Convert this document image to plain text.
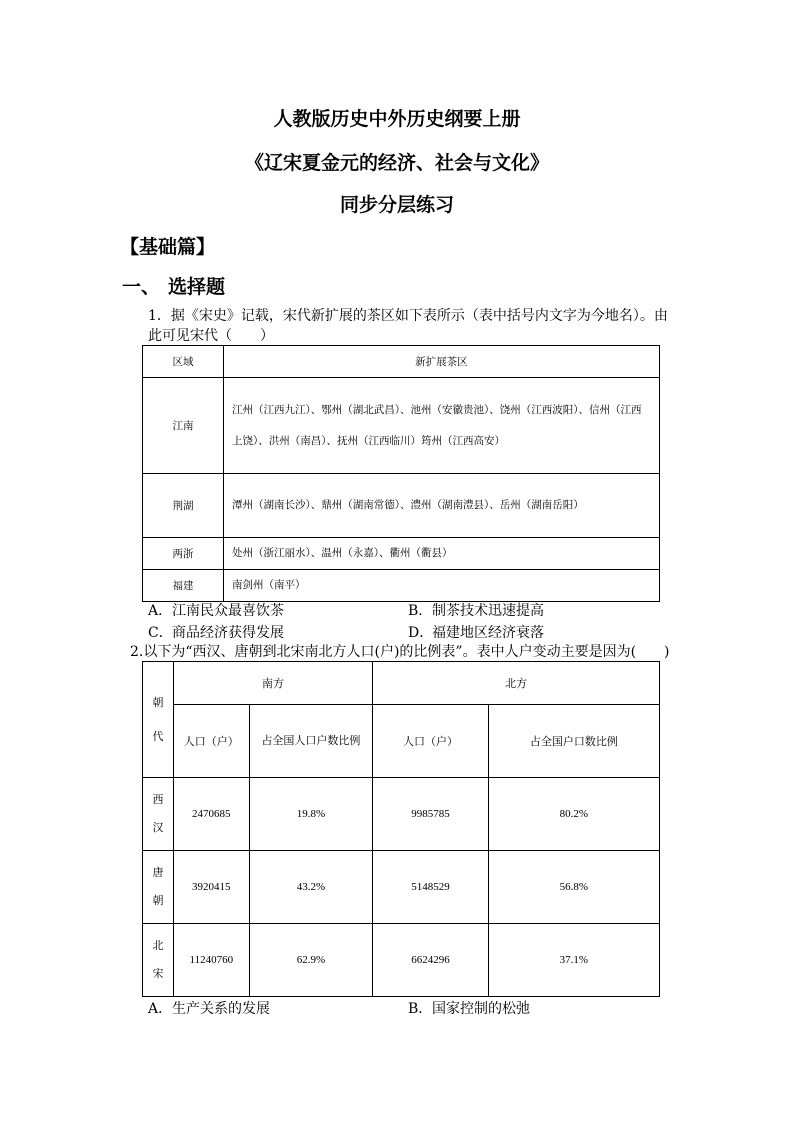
人教版历史中外历史纲要上册
《辽宋夏金元的经济、社会与文化》
同步分层练习
【基础篇】
一、 选择题
1．据《宋史》记载，宋代新扩展的茶区如下表所示（表中括号内文字为今地名）。由
此可见宋代（　　）
区域	新扩展茶区
江南	江州（江西九江）、鄂州（湖北武昌）、池州（安徽贵池）、饶州（江西波阳）、信州（江西上饶）、洪州（南昌）、抚州（江西临川）筠州（江西高安）
荆湖	潭州（湖南长沙）、鼎州（湖南常德）、澧州（湖南澧县）、岳州（湖南岳阳）
两浙	处州（浙江丽水）、温州（永嘉）、衢州（衢县）
福建	南剑州（南平）
A．江南民众最喜饮茶	B．制茶技术迅速提高
C．商品经济获得发展	D．福建地区经济衰落
2.以下为“西汉、唐朝到北宋南北方人口(户)的比例表”。表中人户变动主要是因为(　　)
朝代	南方		北方	
	人口（户）	占全国人口户数比例	人口（户）	占全国户口数比例

西汉	2470685	19.8%	9985785	80.2%

唐朝	3920415	43.2%	5148529	56.8%

北宋	11240760	62.9%	6624296	37.1%
A．生产关系的发展	B．国家控制的松弛
